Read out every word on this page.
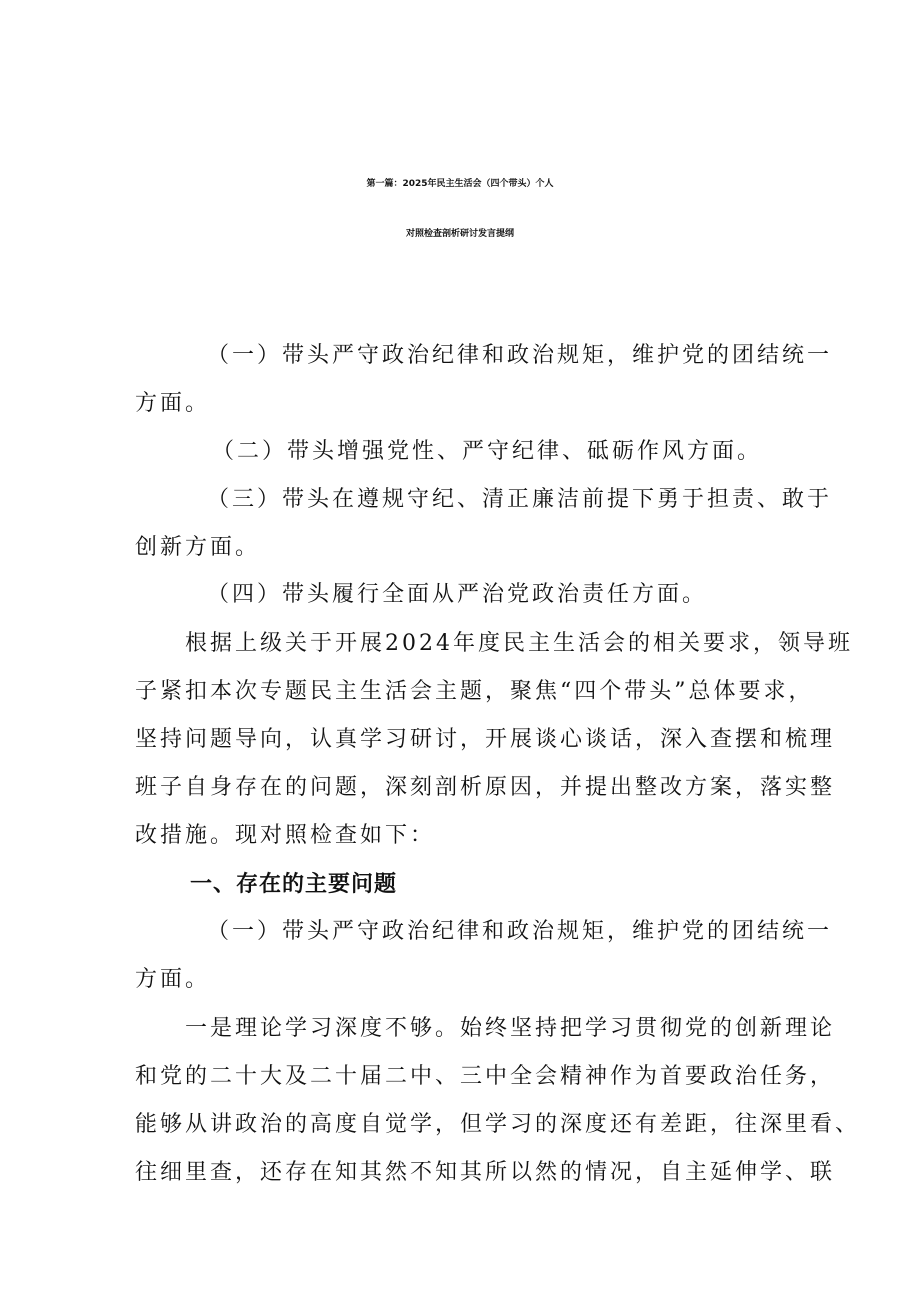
第一篇：2025年民主生活会（四个带头）个人
对照检查剖析研讨发言提纲
（一）带头严守政治纪律和政治规矩，维护党的团结统一
方面。
（二）带头增强党性、严守纪律、砥砺作风方面。
（三）带头在遵规守纪、清正廉洁前提下勇于担责、敢于
创新方面。
（四）带头履行全面从严治党政治责任方面。
根据上级关于开展2024年度民主生活会的相关要求，领导班
子紧扣本次专题民主生活会主题，聚焦“四个带头”总体要求，
坚持问题导向，认真学习研讨，开展谈心谈话，深入查摆和梳理
班子自身存在的问题，深刻剖析原因，并提出整改方案，落实整
改措施。现对照检查如下：
一、存在的主要问题
（一）带头严守政治纪律和政治规矩，维护党的团结统一
方面。
一是理论学习深度不够。始终坚持把学习贯彻党的创新理论
和党的二十大及二十届二中、三中全会精神作为首要政治任务，
能够从讲政治的高度自觉学，但学习的深度还有差距，往深里看、
往细里查，还存在知其然不知其所以然的情况，自主延伸学、联
